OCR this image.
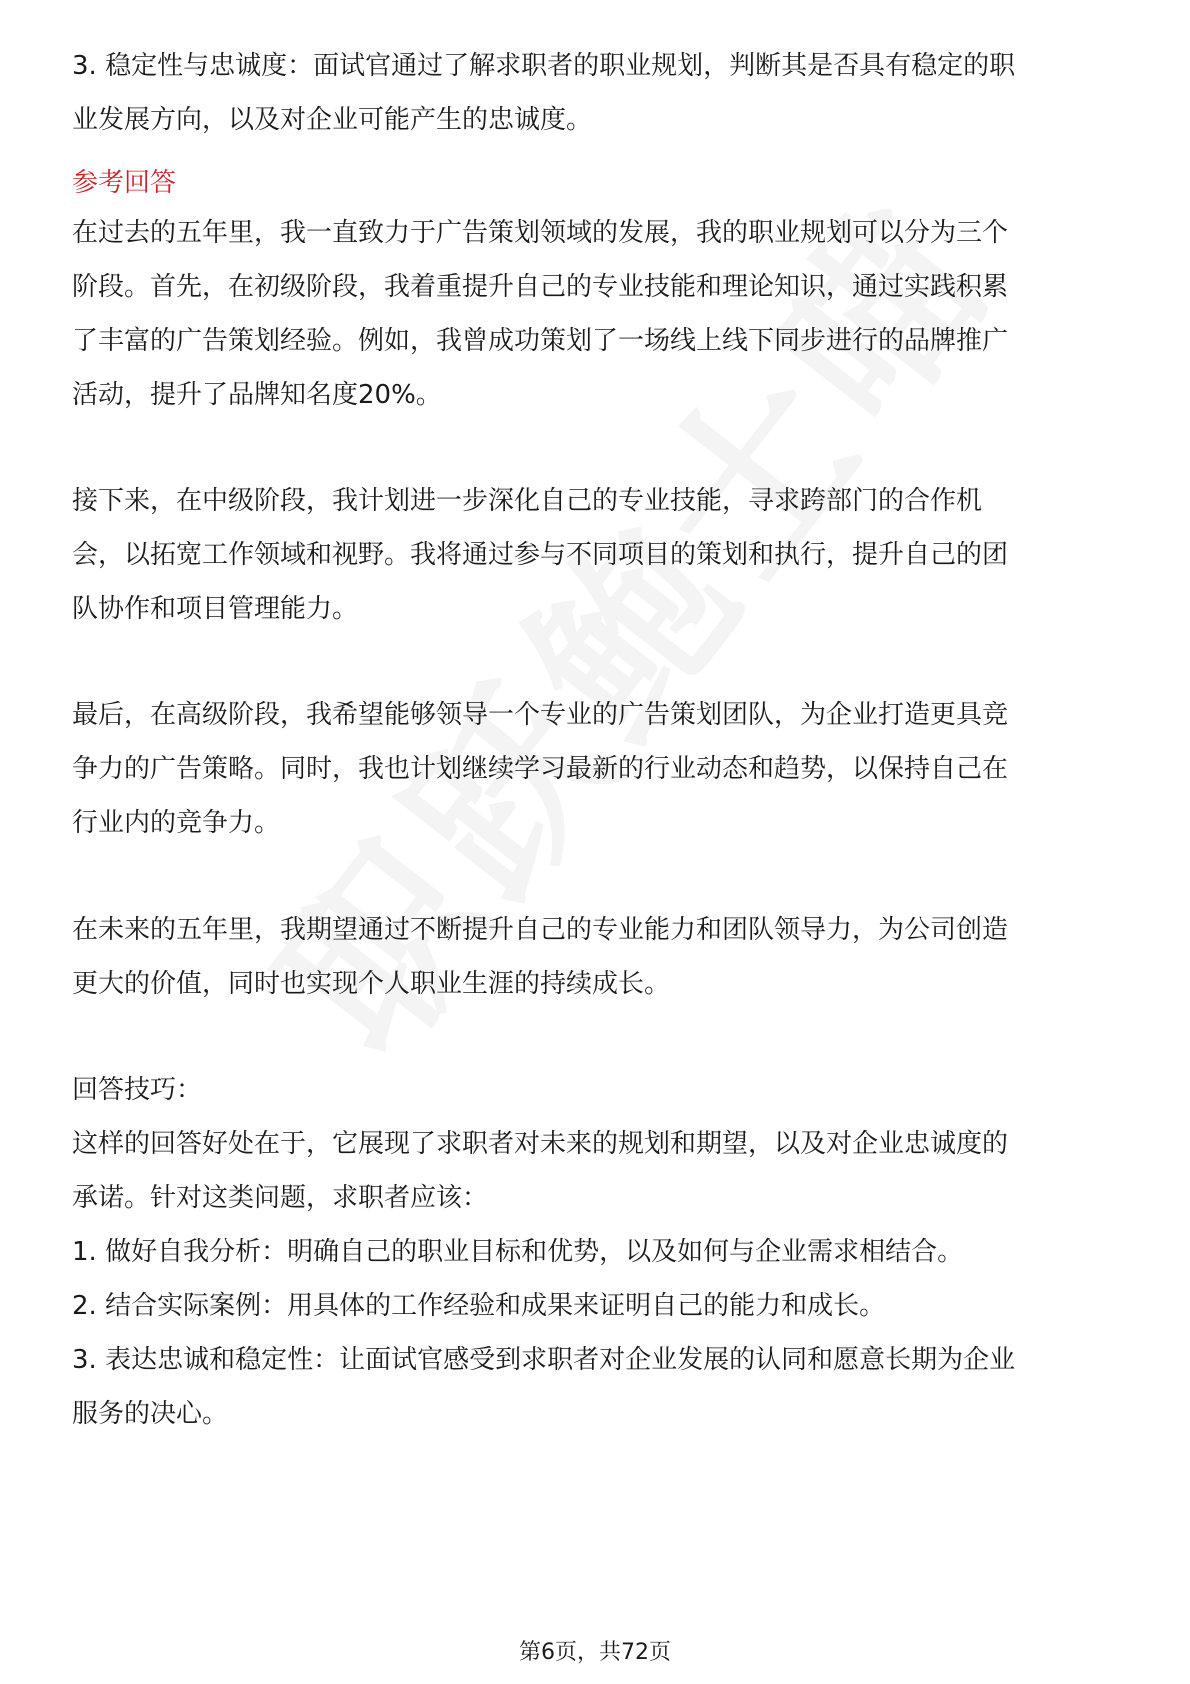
3. 稳定性与忠诚度：面试官通过了解求职者的职业规划，判断其是否具有稳定的职
业发展方向，以及对企业可能产生的忠诚度。
参考回答
在过去的五年里，我一直致力于广告策划领域的发展，我的职业规划可以分为三个
阶段。首先，在初级阶段，我着重提升自己的专业技能和理论知识，通过实践积累
了丰富的广告策划经验。例如，我曾成功策划了一场线上线下同步进行的品牌推广
活动，提升了品牌知名度20%。
接下来，在中级阶段，我计划进一步深化自己的专业技能，寻求跨部门的合作机
会，以拓宽工作领域和视野。我将通过参与不同项目的策划和执行，提升自己的团
队协作和项目管理能力。
最后，在高级阶段，我希望能够领导一个专业的广告策划团队，为企业打造更具竞
争力的广告策略。同时，我也计划继续学习最新的行业动态和趋势，以保持自己在
行业内的竞争力。
在未来的五年里，我期望通过不断提升自己的专业能力和团队领导力，为公司创造
更大的价值，同时也实现个人职业生涯的持续成长。
回答技巧：
这样的回答好处在于，它展现了求职者对未来的规划和期望，以及对企业忠诚度的
承诺。针对这类问题，求职者应该：
1. 做好自我分析：明确自己的职业目标和优势，以及如何与企业需求相结合。
2. 结合实际案例：用具体的工作经验和成果来证明自己的能力和成长。
3. 表达忠诚和稳定性：让面试官感受到求职者对企业发展的认同和愿意长期为企业
服务的决心。
第6页，共72页
